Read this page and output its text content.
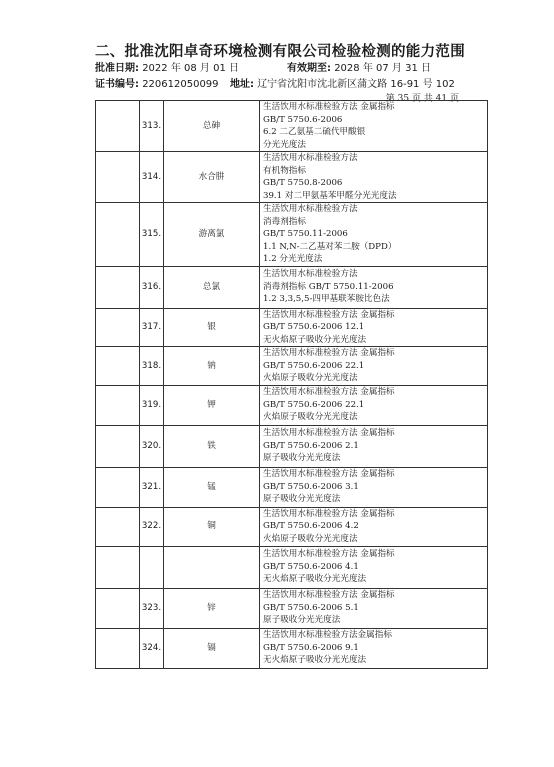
二、批准沈阳卓奇环境检测有限公司检验检测的能力范围
批准日期: 2022 年 08 月 01 日	有效期至: 2028 年 07 月 31 日
证书编号: 220612050099 地址: 辽宁省沈阳市沈北新区蒲文路 16-91 号 102
第 35 页 共 41 页
	313.	总砷	生活饮用水标准检验方法 金属指标
GB/T 5750.6-2006
6.2 二乙氨基二硫代甲酸银
分光光度法

	314.	水合肼	生活饮用水标准检验方法
有机物指标
GB/T 5750.8-2006
39.1 对二甲氨基苯甲醛分光光度法

	315.	游离氯	生活饮用水标准检验方法
消毒剂指标
GB/T 5750.11-2006
1.1 N,N-二乙基对苯二胺（DPD）
1.2 分光光度法

	316.	总氯	生活饮用水标准检验方法
消毒剂指标 GB/T 5750.11-2006
1.2 3,3,5,5-四甲基联苯胺比色法

	317.	银	生活饮用水标准检验方法 金属指标
GB/T 5750.6-2006 12.1
无火焰原子吸收分光光度法

	318.	钠	生活饮用水标准检验方法 金属指标
GB/T 5750.6-2006 22.1
火焰原子吸收分光光度法

	319.	钾	生活饮用水标准检验方法 金属指标
GB/T 5750.6-2006 22.1
火焰原子吸收分光光度法

	320.	铁	生活饮用水标准检验方法 金属指标
GB/T 5750.6-2006 2.1
原子吸收分光光度法

	321.	锰	生活饮用水标准检验方法 金属指标
GB/T 5750.6-2006 3.1
原子吸收分光光度法

	322.	铜	生活饮用水标准检验方法 金属指标
GB/T 5750.6-2006 4.2
火焰原子吸收分光光度法

			生活饮用水标准检验方法 金属指标
GB/T 5750.6-2006 4.1
无火焰原子吸收分光光度法

	323.	锌	生活饮用水标准检验方法 金属指标
GB/T 5750.6-2006 5.1
原子吸收分光光度法

	324.	镉	生活饮用水标准检验方法金属指标
GB/T 5750.6-2006 9.1
无火焰原子吸收分光光度法
